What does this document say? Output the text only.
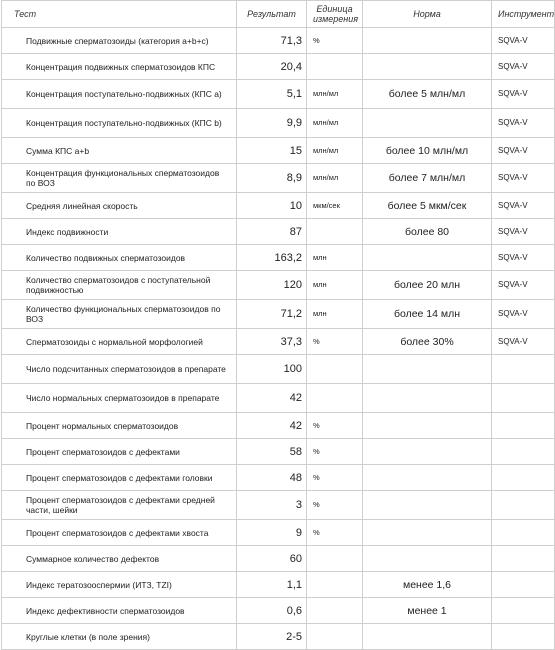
Тест	Результат	Единица измерения	Норма	Инструмент
Подвижные сперматозоиды (категория a+b+c)	71,3	%		SQVA-V
Концентрация подвижных сперматозоидов КПС	20,4			SQVA-V
Концентрация поступательно-подвижных (КПС a)	5,1	млн/мл	более 5 млн/мл	SQVA-V
Концентрация поступательно-подвижных (КПС b)	9,9	млн/мл		SQVA-V
Сумма КПС a+b	15	млн/мл	более 10 млн/мл	SQVA-V
Концентрация функциональных сперматозоидов по ВОЗ	8,9	млн/мл	более 7 млн/мл	SQVA-V
Средняя линейная скорость	10	мкм/сек	более 5 мкм/сек	SQVA-V
Индекс подвижности	87		более 80	SQVA-V
Количество подвижных сперматозоидов	163,2	млн		SQVA-V
Количество сперматозоидов с поступательной подвижностью	120	млн	более 20 млн	SQVA-V
Количество функциональных сперматозоидов по ВОЗ	71,2	млн	более 14 млн	SQVA-V
Сперматозоиды с нормальной морфологией	37,3	%	более 30%	SQVA-V
Число подсчитанных сперматозоидов в препарате	100			
Число нормальных сперматозоидов в препарате	42			
Процент нормальных сперматозоидов	42	%		
Процент сперматозоидов с дефектами	58	%		
Процент сперматозоидов с дефектами головки	48	%		
Процент сперматозоидов с дефектами средней части, шейки	3	%		
Процент сперматозоидов с дефектами хвоста	9	%		
Суммарное количество дефектов	60			
Индекс тератозооспермии (ИТЗ, TZI)	1,1		менее 1,6	
Индекс дефективности сперматозоидов	0,6		менее 1	
Круглые клетки (в поле зрения)	2-5			
